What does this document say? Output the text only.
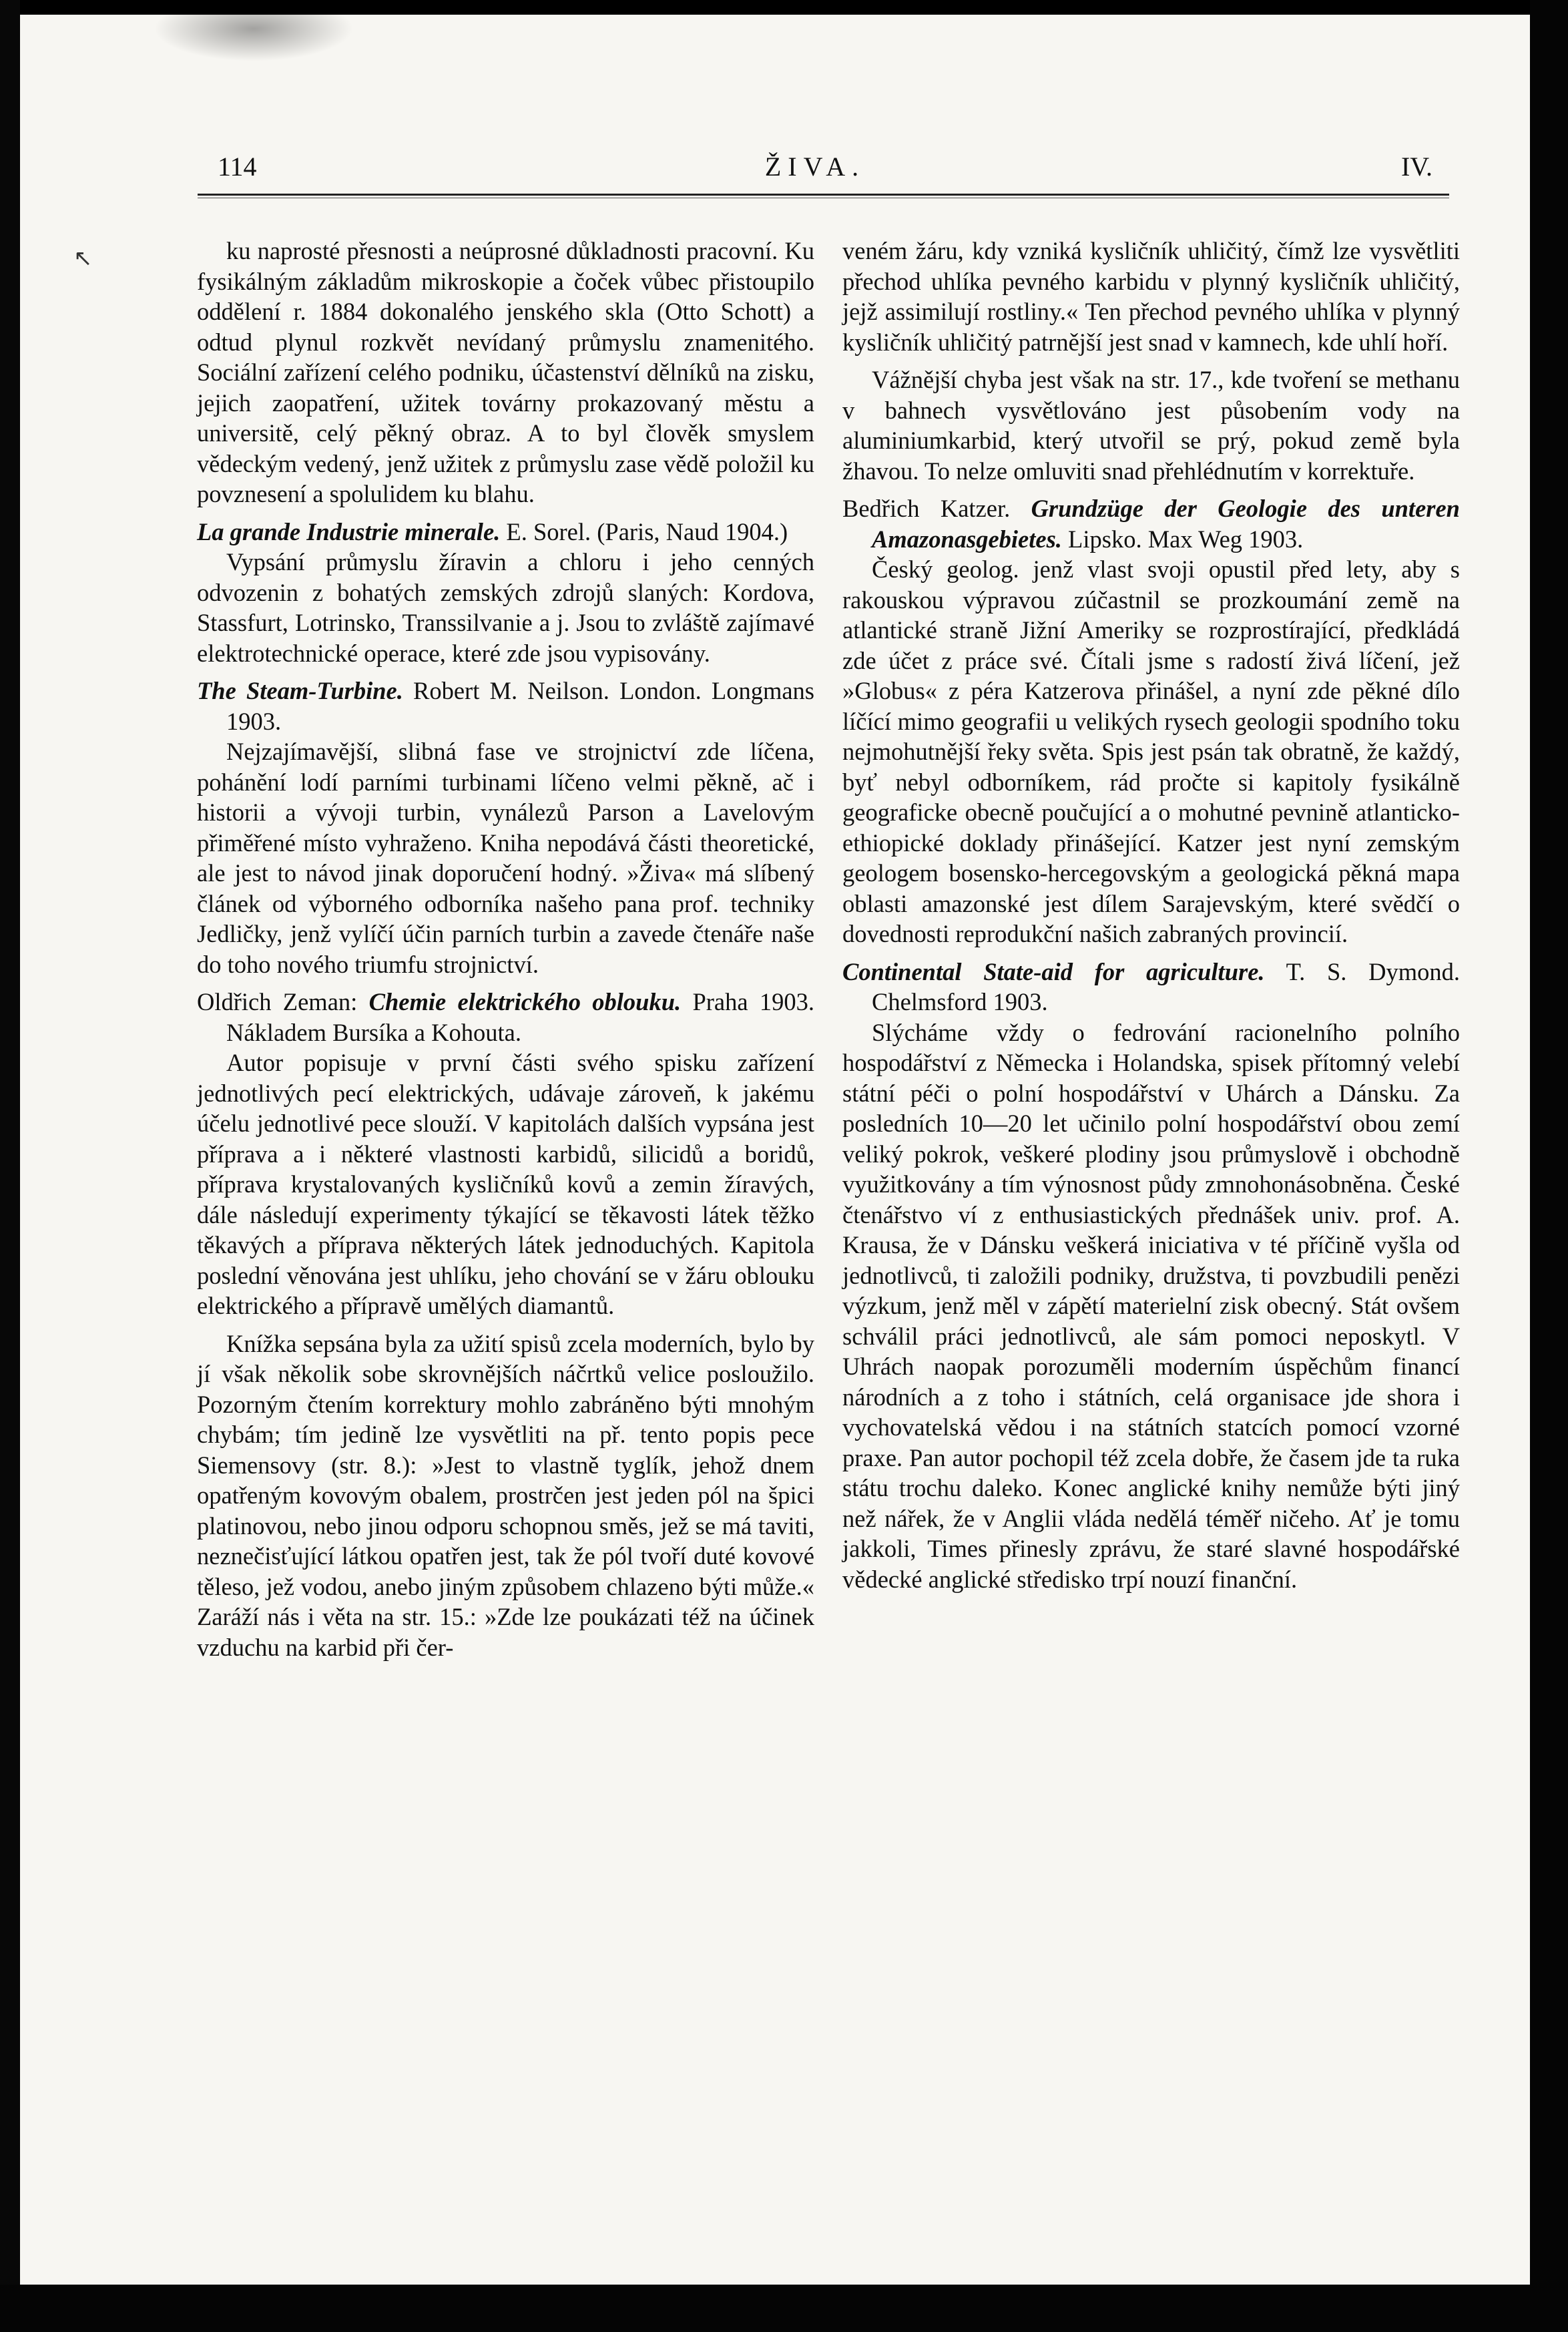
↖
114	ŽIVA.	IV.

ku naprosté přesnosti a neúprosné důkladnosti pracovní. Ku fysikálným základům mikroskopie a čoček vůbec přistoupilo oddělení r. 1884 dokonalého jenského skla (Otto Schott) a odtud plynul rozkvět nevídaný průmyslu znamenitého. Sociální zařízení celého podniku, účastenství dělníků na zisku, jejich zaopatření, užitek továrny prokazovaný městu a universitě, celý pěkný obraz. A to byl člověk smyslem vědeckým vedený, jenž užitek z průmyslu zase vědě položil ku povznesení a spolulidem ku blahu.

La grande Industrie minerale. E. Sorel. (Paris, Naud 1904.)

Vypsání průmyslu žíravin a chloru i jeho cenných odvozenin z bohatých zemských zdrojů slaných: Kordova, Stassfurt, Lotrinsko, Transsilvanie a j. Jsou to zvláště zajímavé elektrotechnické operace, které zde jsou vypisovány.

The Steam-Turbine. Robert M. Neilson. London. Longmans 1903.

Nejzajímavější, slibná fase ve strojnictví zde líčena, pohánění lodí parními turbinami líčeno velmi pěkně, ač i historii a vývoji turbin, vynálezů Parson a Lavelovým přiměřené místo vyhraženo. Kniha nepodává části theoretické, ale jest to návod jinak doporučení hodný. »Živa« má slíbený článek od výborného odborníka našeho pana prof. techniky Jedličky, jenž vylíčí účin parních turbin a zavede čtenáře naše do toho nového triumfu strojnictví.

Oldřich Zeman: Chemie elektrického oblouku. Praha 1903. Nákladem Bursíka a Kohouta.

Autor popisuje v první části svého spisku zařízení jednotlivých pecí elektrických, udávaje zároveň, k jakému účelu jednotlivé pece slouží. V kapitolách dalších vypsána jest příprava a i některé vlastnosti karbidů, silicidů a boridů, příprava krystalovaných kysličníků kovů a zemin žíravých, dále následují experimenty týkající se těkavosti látek těžko těkavých a příprava některých látek jednoduchých. Kapitola poslední věnována jest uhlíku, jeho chování se v žáru oblouku elektrického a přípravě umělých diamantů.

Knížka sepsána byla za užití spisů zcela moderních, bylo by jí však několik sobe skrovnějších náčrtků velice posloužilo. Pozorným čtením korrektury mohlo zabráněno býti mnohým chybám; tím jedině lze vysvětliti na př. tento popis pece Siemensovy (str. 8.): »Jest to vlastně tyglík, jehož dnem opatřeným kovovým obalem, prostrčen jest jeden pól na špici platinovou, nebo jinou odporu schopnou směs, jež se má taviti, neznečisťující látkou opatřen jest, tak že pól tvoří duté kovové těleso, jež vodou, anebo jiným způsobem chlazeno býti může.« Zaráží nás i věta na str. 15.: »Zde lze poukázati též na účinek vzduchu na karbid při čer-

veném žáru, kdy vzniká kysličník uhličitý, čímž lze vysvětliti přechod uhlíka pevného karbidu v plynný kysličník uhličitý, jejž assimilují rostliny.« Ten přechod pevného uhlíka v plynný kysličník uhličitý patrnější jest snad v kamnech, kde uhlí hoří.

Vážnější chyba jest však na str. 17., kde tvoření se methanu v bahnech vysvětlováno jest působením vody na aluminiumkarbid, který utvořil se prý, pokud země byla žhavou. To nelze omluviti snad přehlédnutím v korrektuře.

Bedřich Katzer. Grundzüge der Geologie des unteren Amazonasgebietes. Lipsko. Max Weg 1903.

Český geolog. jenž vlast svoji opustil před lety, aby s rakouskou výpravou zúčastnil se prozkoumání země na atlantické straně Jižní Ameriky se rozprostírající, předkládá zde účet z práce své. Čítali jsme s radostí živá líčení, jež »Globus« z péra Katzerova přinášel, a nyní zde pěkné dílo líčící mimo geografii u velikých rysech geologii spodního toku nejmohutnější řeky světa. Spis jest psán tak obratně, že každý, byť nebyl odborníkem, rád pročte si kapitoly fysikálně geograficke obecně poučující a o mohutné pevnině atlanticko-ethiopické doklady přinášející. Katzer jest nyní zemským geologem bosensko-hercegovským a geologická pěkná mapa oblasti amazonské jest dílem Sarajevským, které svědčí o dovednosti reprodukční našich zabraných provincií.

Continental State-aid for agriculture. T. S. Dymond. Chelmsford 1903.

Slýcháme vždy o fedrování racionelního polního hospodářství z Německa i Holandska, spisek přítomný velebí státní péči o polní hospodářství v Uhárch a Dánsku. Za posledních 10—20 let učinilo polní hospodářství obou zemí veliký pokrok, veškeré plodiny jsou průmyslově i obchodně využitkovány a tím výnosnost půdy zmnohonásobněna. České čtenářstvo ví z enthusiastických přednášek univ. prof. A. Krausa, že v Dánsku veškerá iniciativa v té příčině vyšla od jednotlivců, ti založili podniky, družstva, ti povzbudili penězi výzkum, jenž měl v zápětí materielní zisk obecný. Stát ovšem schválil práci jednotlivců, ale sám pomoci neposkytl. V Uhrách naopak porozuměli moderním úspěchům financí národních a z toho i státních, celá organisace jde shora i vychovatelská vědou i na státních statcích pomocí vzorné praxe. Pan autor pochopil též zcela dobře, že časem jde ta ruka státu trochu daleko. Konec anglické knihy nemůže býti jiný než nářek, že v Anglii vláda nedělá téměř ničeho. Ať je tomu jakkoli, Times přinesly zprávu, že staré slavné hospodářské vědecké anglické středisko trpí nouzí finanční.
